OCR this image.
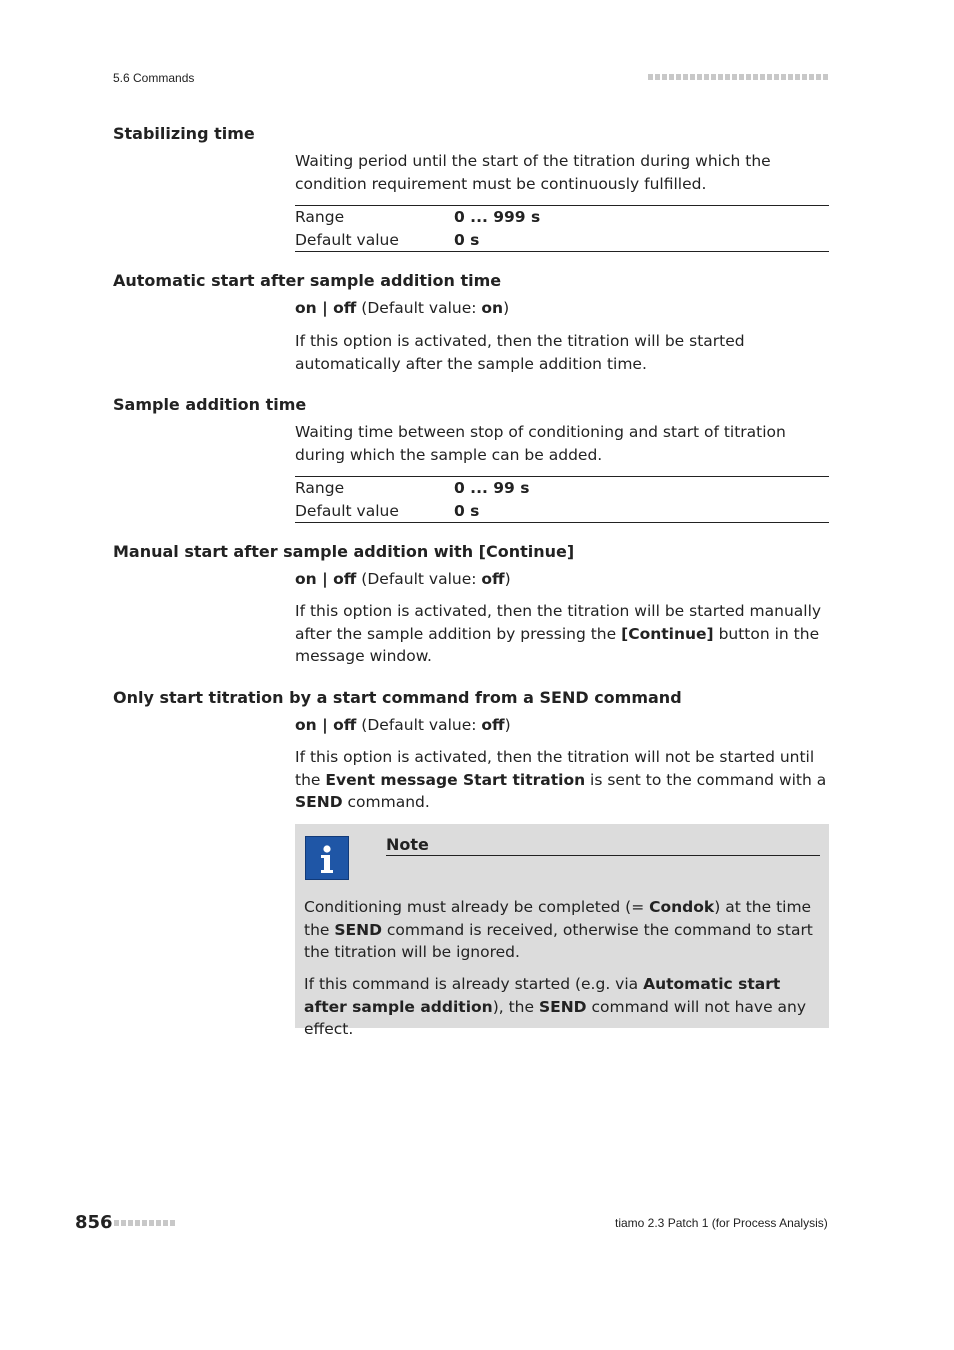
5.6 Commands
Stabilizing time
Waiting period until the start of the titration during which the condition requirement must be continuously fulfilled.
Range	0 ... 999 s
Default value	0 s
Automatic start after sample addition time
on | off (Default value: on)
If this option is activated, then the titration will be started automatically after the sample addition time.
Sample addition time
Waiting time between stop of conditioning and start of titration during which the sample can be added.
Range	0 ... 99 s
Default value	0 s
Manual start after sample addition with [Continue]
on | off (Default value: off)
If this option is activated, then the titration will be started manually after the sample addition by pressing the [Continue] button in the message window.
Only start titration by a start command from a SEND command
on | off (Default value: off)
If this option is activated, then the titration will not be started until the Event message Start titration is sent to the command with a SEND command.
Note
Conditioning must already be completed (= Condok) at the time the SEND command is received, otherwise the command to start the titration will be ignored.
If this command is already started (e.g. via Automatic start after sample addition), the SEND command will not have any effect.
856	tiamo 2.3 Patch 1 (for Process Analysis)
